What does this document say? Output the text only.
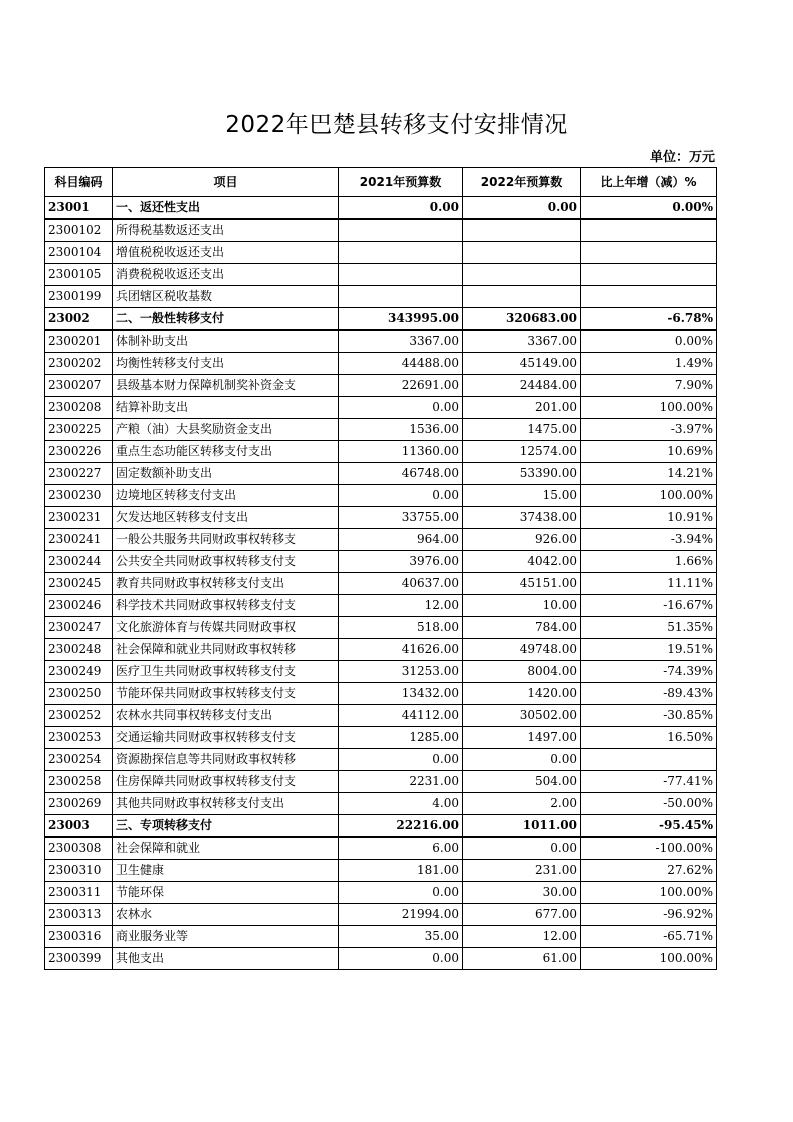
2022年巴楚县转移支付安排情况
单位：万元
科目编码	项目	2021年预算数	2022年预算数	比上年增（减）%
23001	一、返还性支出	0.00	0.00	0.00%
2300102	所得税基数返还支出			
2300104	增值税税收返还支出			
2300105	消费税税收返还支出			
2300199	兵团辖区税收基数			
23002	二、一般性转移支付	343995.00	320683.00	-6.78%
2300201	体制补助支出	3367.00	3367.00	0.00%
2300202	均衡性转移支付支出	44488.00	45149.00	1.49%
2300207	县级基本财力保障机制奖补资金支	22691.00	24484.00	7.90%
2300208	结算补助支出	0.00	201.00	100.00%
2300225	产粮（油）大县奖励资金支出	1536.00	1475.00	-3.97%
2300226	重点生态功能区转移支付支出	11360.00	12574.00	10.69%
2300227	固定数额补助支出	46748.00	53390.00	14.21%
2300230	边境地区转移支付支出	0.00	15.00	100.00%
2300231	欠发达地区转移支付支出	33755.00	37438.00	10.91%
2300241	一般公共服务共同财政事权转移支	964.00	926.00	-3.94%
2300244	公共安全共同财政事权转移支付支	3976.00	4042.00	1.66%
2300245	教育共同财政事权转移支付支出	40637.00	45151.00	11.11%
2300246	科学技术共同财政事权转移支付支	12.00	10.00	-16.67%
2300247	文化旅游体育与传媒共同财政事权	518.00	784.00	51.35%
2300248	社会保障和就业共同财政事权转移	41626.00	49748.00	19.51%
2300249	医疗卫生共同财政事权转移支付支	31253.00	8004.00	-74.39%
2300250	节能环保共同财政事权转移支付支	13432.00	1420.00	-89.43%
2300252	农林水共同事权转移支付支出	44112.00	30502.00	-30.85%
2300253	交通运输共同财政事权转移支付支	1285.00	1497.00	16.50%
2300254	资源勘探信息等共同财政事权转移	0.00	0.00	
2300258	住房保障共同财政事权转移支付支	2231.00	504.00	-77.41%
2300269	其他共同财政事权转移支付支出	4.00	2.00	-50.00%
23003	三、专项转移支付	22216.00	1011.00	-95.45%
2300308	社会保障和就业	6.00	0.00	-100.00%
2300310	卫生健康	181.00	231.00	27.62%
2300311	节能环保	0.00	30.00	100.00%
2300313	农林水	21994.00	677.00	-96.92%
2300316	商业服务业等	35.00	12.00	-65.71%
2300399	其他支出	0.00	61.00	100.00%
